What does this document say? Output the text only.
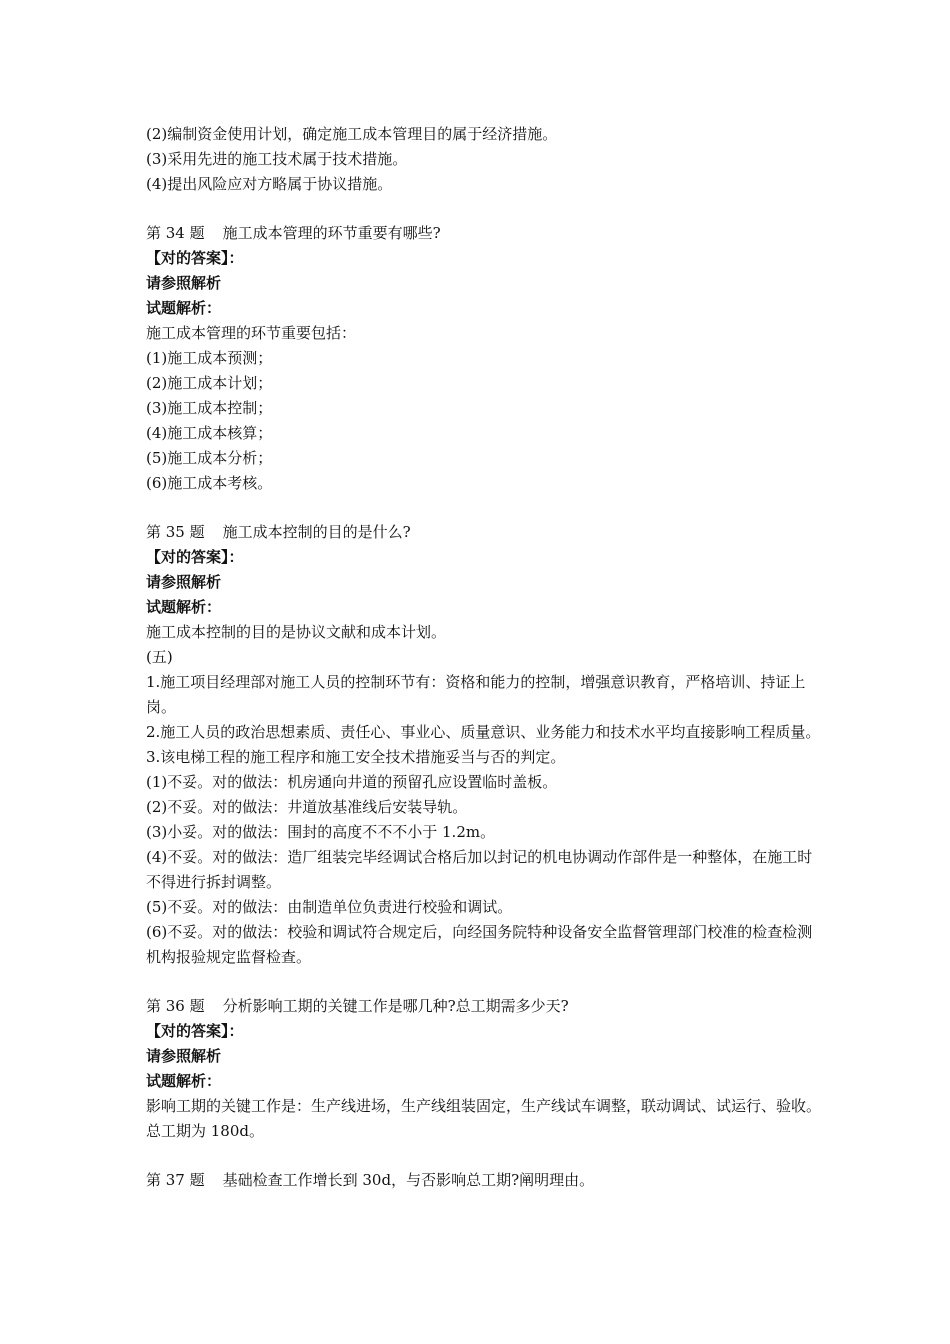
(2)编制资金使用计划，确定施工成本管理目的属于经济措施。
(3)采用先进的施工技术属于技术措施。
(4)提出风险应对方略属于协议措施。
第 34 题 施工成本管理的环节重要有哪些?
【对的答案】：
请参照解析
试题解析：
施工成本管理的环节重要包括：
(1)施工成本预测；
(2)施工成本计划；
(3)施工成本控制；
(4)施工成本核算；
(5)施工成本分析；
(6)施工成本考核。
第 35 题 施工成本控制的目的是什么?
【对的答案】：
请参照解析
试题解析：
施工成本控制的目的是协议文献和成本计划。
(五)
1.施工项目经理部对施工人员的控制环节有：资格和能力的控制，增强意识教育，严格培训、持证上岗。
2.施工人员的政治思想素质、责任心、事业心、质量意识、业务能力和技术水平均直接影响工程质量。
3.该电梯工程的施工程序和施工安全技术措施妥当与否的判定。
(1)不妥。对的做法：机房通向井道的预留孔应设置临时盖板。
(2)不妥。对的做法：井道放基准线后安装导轨。
(3)小妥。对的做法：围封的高度不不不小于 1.2m。
(4)不妥。对的做法：造厂组装完毕经调试合格后加以封记的机电协调动作部件是一种整体，在施工时不得进行拆封调整。
(5)不妥。对的做法：由制造单位负责进行校验和调试。
(6)不妥。对的做法：校验和调试符合规定后，向经国务院特种设备安全监督管理部门校准的检查检测机构报验规定监督检查。
第 36 题 分析影响工期的关键工作是哪几种?总工期需多少天?
【对的答案】：
请参照解析
试题解析：
影响工期的关键工作是：生产线进场，生产线组装固定，生产线试车调整，联动调试、试运行、验收。总工期为 180d。
第 37 题 基础检查工作增长到 30d，与否影响总工期?阐明理由。
